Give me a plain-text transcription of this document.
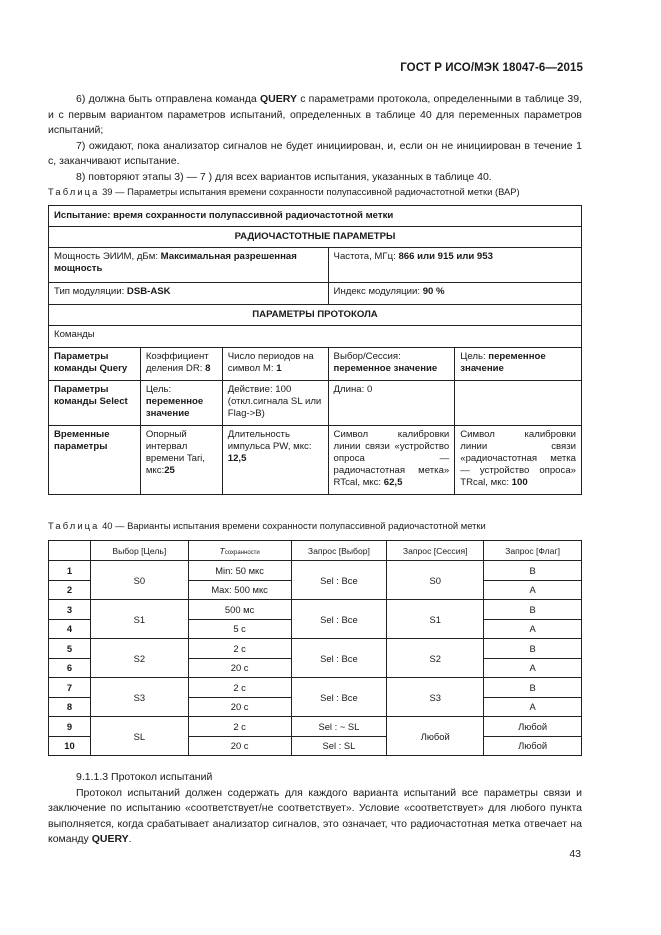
ГОСТ Р ИСО/МЭК 18047-6—2015

6) должна быть отправлена команда QUERY с параметрами протокола, определенными в таблице 39, и с первым вариантом параметров испытаний, определенных в таблице 40 для переменных параметров испытаний;

7) ожидают, пока анализатор сигналов не будет инициирован, и, если он не инициирован в течение 1 с, заканчивают испытание.

8) повторяют этапы 3) — 7 ) для всех вариантов испытания, указанных в таблице 40.

Таблица 39 — Параметры испытания времени сохранности полупассивной радиочастотной метки (ВАР)
Испытание: время сохранности полупассивной радиочастотной метки				
РАДИОЧАСТОТНЫЕ ПАРАМЕТРЫ				
Мощность ЭИИМ, дБм: Максимальная разрешенная мощность			Частота, МГц: 866 или 915 или 953	
Тип модуляции: DSB-ASK			Индекс модуляции: 90 %	
ПАРАМЕТРЫ ПРОТОКОЛА				
Команды				
Параметры команды Query	Коэффициент деления DR: 8	Число периодов на символ M: 1	Выбор/Сессия: переменное значение	Цель: переменное значение
Параметры команды Select	Цель: переменное значение	Действие: 100 (откл.сигнала SL или Flag->B)	Длина: 0	
Временные параметры	Опорный интервал времени Tari, мкс:25	Длительность импульса PW, мкс: 12,5	Символ калибровки линии связи «устройство опроса — радиочастотная метка» RTcal, мкс: 62,5	Символ калибровки линии связи «радиочастотная метка — устройство опроса» TRcal, мкс: 100
Таблица 40 — Варианты испытания времени сохранности полупассивной радиочастотной метки
	Выбор [Цель]	Tсохранности	Запрос [Выбор]	Запрос [Сессия]	Запрос [Флаг]
1	S0	Min: 50 мкс	Sel : Все	S0	B
2		Max: 500 мкс			A
3	S1	500 мс	Sel : Все	S1	B
4		5 с			A
5	S2	2 с	Sel : Все	S2	B
6		20 с			A
7	S3	2 с	Sel : Все	S3	B
8		20 с			A
9	SL	2 с	Sel : ~ SL	Любой	Любой
10		20 с	Sel : SL		Любой

9.1.1.3 Протокол испытаний

Протокол испытаний должен содержать для каждого варианта испытаний все параметры связи и заключение по испытанию «соответствует/не соответствует». Условие «соответствует» для любого пункта выполняется, когда срабатывает анализатор сигналов, это означает, что радиочастотная метка отвечает на команду QUERY.

43
